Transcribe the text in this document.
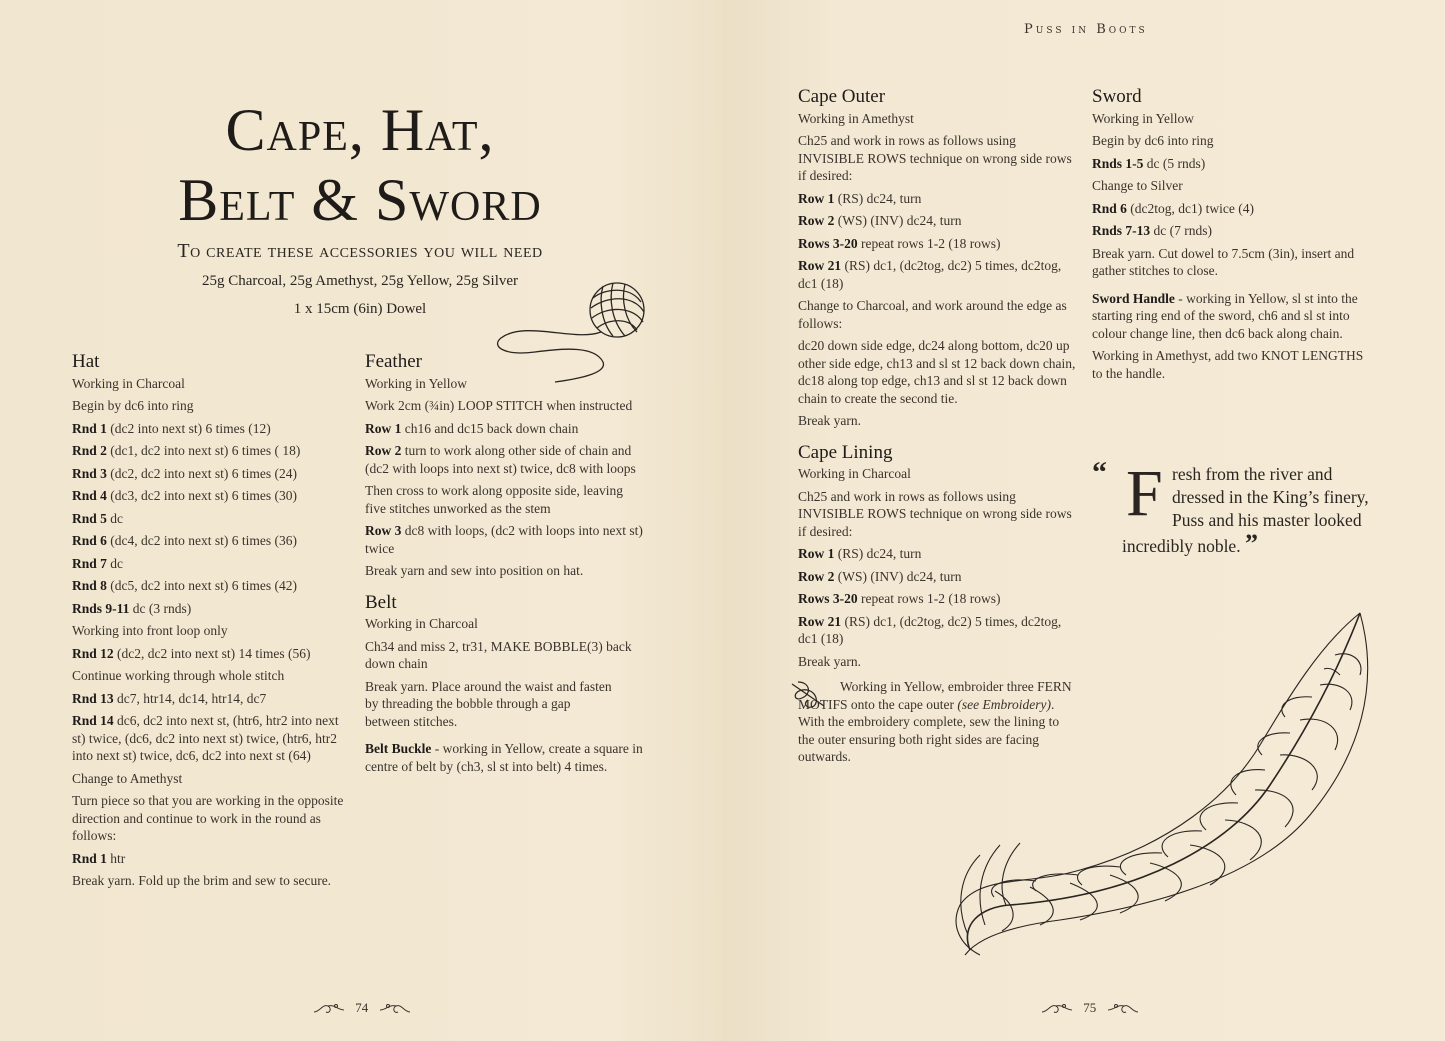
Puss in Boots
Cape, Hat,
Belt & Sword
To create these accessories you will need
25g Charcoal, 25g Amethyst, 25g Yellow, 25g Silver
1 x 15cm (6in) Dowel
Hat

Working in Charcoal

Begin by dc6 into ring

Rnd 1 (dc2 into next st) 6 times (12)

Rnd 2 (dc1, dc2 into next st) 6 times ( 18)

Rnd 3 (dc2, dc2 into next st) 6 times (24)

Rnd 4 (dc3, dc2 into next st) 6 times (30)

Rnd 5 dc

Rnd 6 (dc4, dc2 into next st) 6 times (36)

Rnd 7 dc

Rnd 8 (dc5, dc2 into next st) 6 times (42)

Rnds 9-11 dc (3 rnds)

Working into front loop only

Rnd 12 (dc2, dc2 into next st) 14 times (56)

Continue working through whole stitch

Rnd 13 dc7, htr14, dc14, htr14, dc7

Rnd 14 dc6, dc2 into next st, (htr6, htr2 into next st) twice, (dc6, dc2 into next st) twice, (htr6, htr2 into next st) twice, dc6, dc2 into next st (64)

Change to Amethyst

Turn piece so that you are working in the opposite direction and continue to work in the round as follows:

Rnd 1 htr

Break yarn. Fold up the brim and sew to secure.

Feather

Working in Yellow

Work 2cm (¾in) LOOP STITCH when instructed

Row 1 ch16 and dc15 back down chain

Row 2 turn to work along other side of chain and (dc2 with loops into next st) twice, dc8 with loops

Then cross to work along opposite side, leaving five stitches unworked as the stem

Row 3 dc8 with loops, (dc2 with loops into next st) twice

Break yarn and sew into position on hat.

Belt

Working in Charcoal

Ch34 and miss 2, tr31, MAKE BOBBLE(3) back down chain

Break yarn. Place around the waist and fasten by threading the bobble through a gap between stitches.

Belt Buckle - working in Yellow, create a square in centre of belt by (ch3, sl st into belt) 4 times.

Cape Outer

Working in Amethyst

Ch25 and work in rows as follows using INVISIBLE ROWS technique on wrong side rows if desired:

Row 1 (RS) dc24, turn

Row 2 (WS) (INV) dc24, turn

Rows 3-20 repeat rows 1-2 (18 rows)

Row 21 (RS) dc1, (dc2tog, dc2) 5 times, dc2tog, dc1 (18)

Change to Charcoal, and work around the edge as follows:

dc20 down side edge, dc24 along bottom, dc20 up other side edge, ch13 and sl st 12 back down chain, dc18 along top edge, ch13 and sl st 12 back down chain to create the second tie.

Break yarn.

Cape Lining

Working in Charcoal

Ch25 and work in rows as follows using INVISIBLE ROWS technique on wrong side rows if desired:

Row 1 (RS) dc24, turn

Row 2 (WS) (INV) dc24, turn

Rows 3-20 repeat rows 1-2 (18 rows)

Row 21 (RS) dc1, (dc2tog, dc2) 5 times, dc2tog, dc1 (18)

Break yarn.

Working in Yellow, embroider three FERN MOTIFS onto the cape outer (see Embroidery). With the embroidery complete, sew the lining to the outer ensuring both right sides are facing outwards.

Sword

Working in Yellow

Begin by dc6 into ring

Rnds 1-5 dc (5 rnds)

Change to Silver

Rnd 6 (dc2tog, dc1) twice (4)

Rnds 7-13 dc (7 rnds)

Break yarn. Cut dowel to 7.5cm (3in), insert and gather stitches to close.

Sword Handle - working in Yellow, sl st into the starting ring end of the sword, ch6 and sl st into colour change line, then dc6 back along chain.

Working in Amethyst, add two KNOT LENGTHS to the handle.

“ F resh from the river and dressed in the King’s finery, Puss and his master looked
incredibly noble. ”
74	75
